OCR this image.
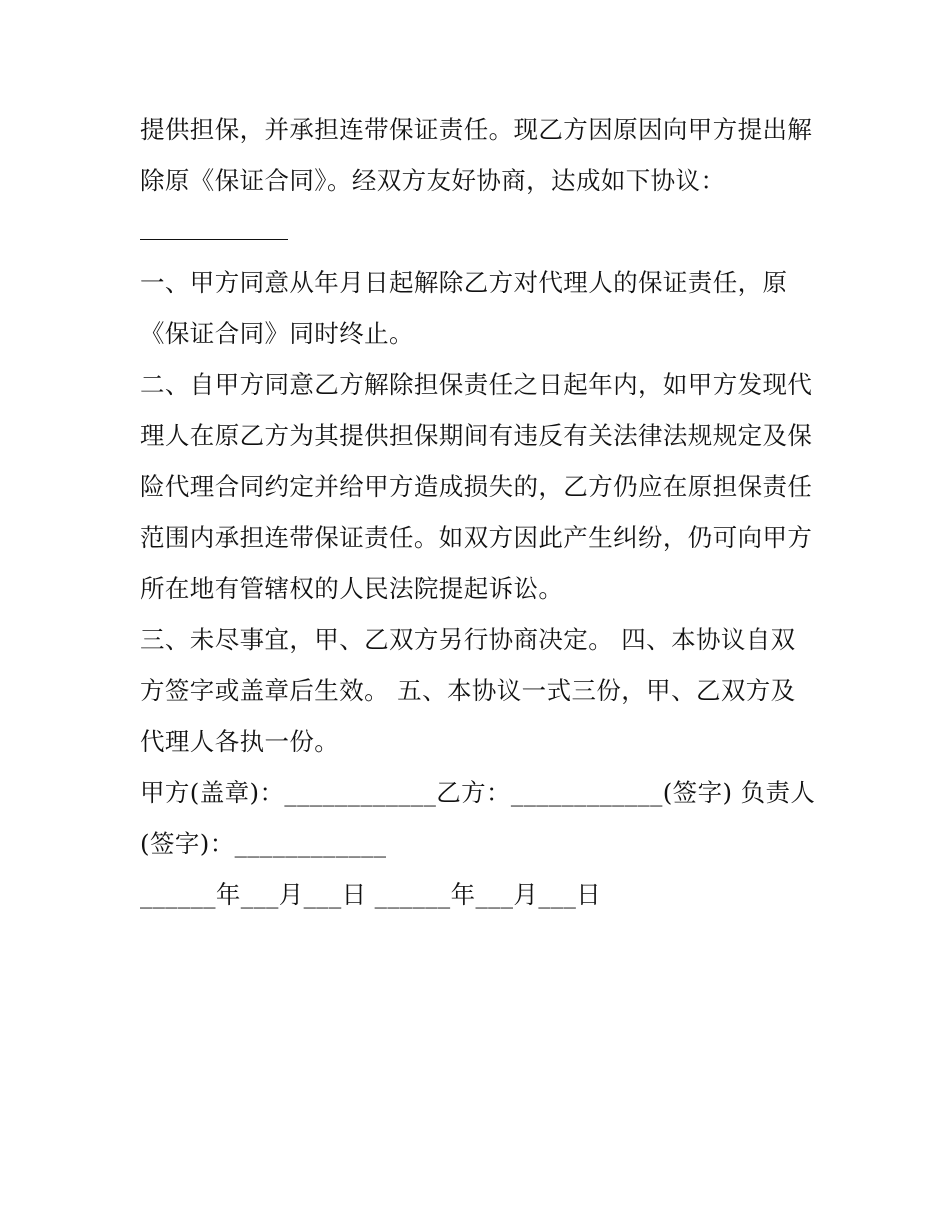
提供担保，并承担连带保证责任。现乙方因原因向甲方提出解
除原《保证合同》。经双方友好协商，达成如下协议：
一、甲方同意从年月日起解除乙方对代理人的保证责任，原
《保证合同》同时终止。
二、自甲方同意乙方解除担保责任之日起年内，如甲方发现代
理人在原乙方为其提供担保期间有违反有关法律法规规定及保
险代理合同约定并给甲方造成损失的，乙方仍应在原担保责任
范围内承担连带保证责任。如双方因此产生纠纷，仍可向甲方
所在地有管辖权的人民法院提起诉讼。
三、未尽事宜，甲、乙双方另行协商决定。 四、本协议自双
方签字或盖章后生效。 五、本协议一式三份，甲、乙双方及
代理人各执一份。
甲方(盖章)：____________乙方：____________(签字) 负责人
(签字)：____________
______年___月___日 ______年___月___日
